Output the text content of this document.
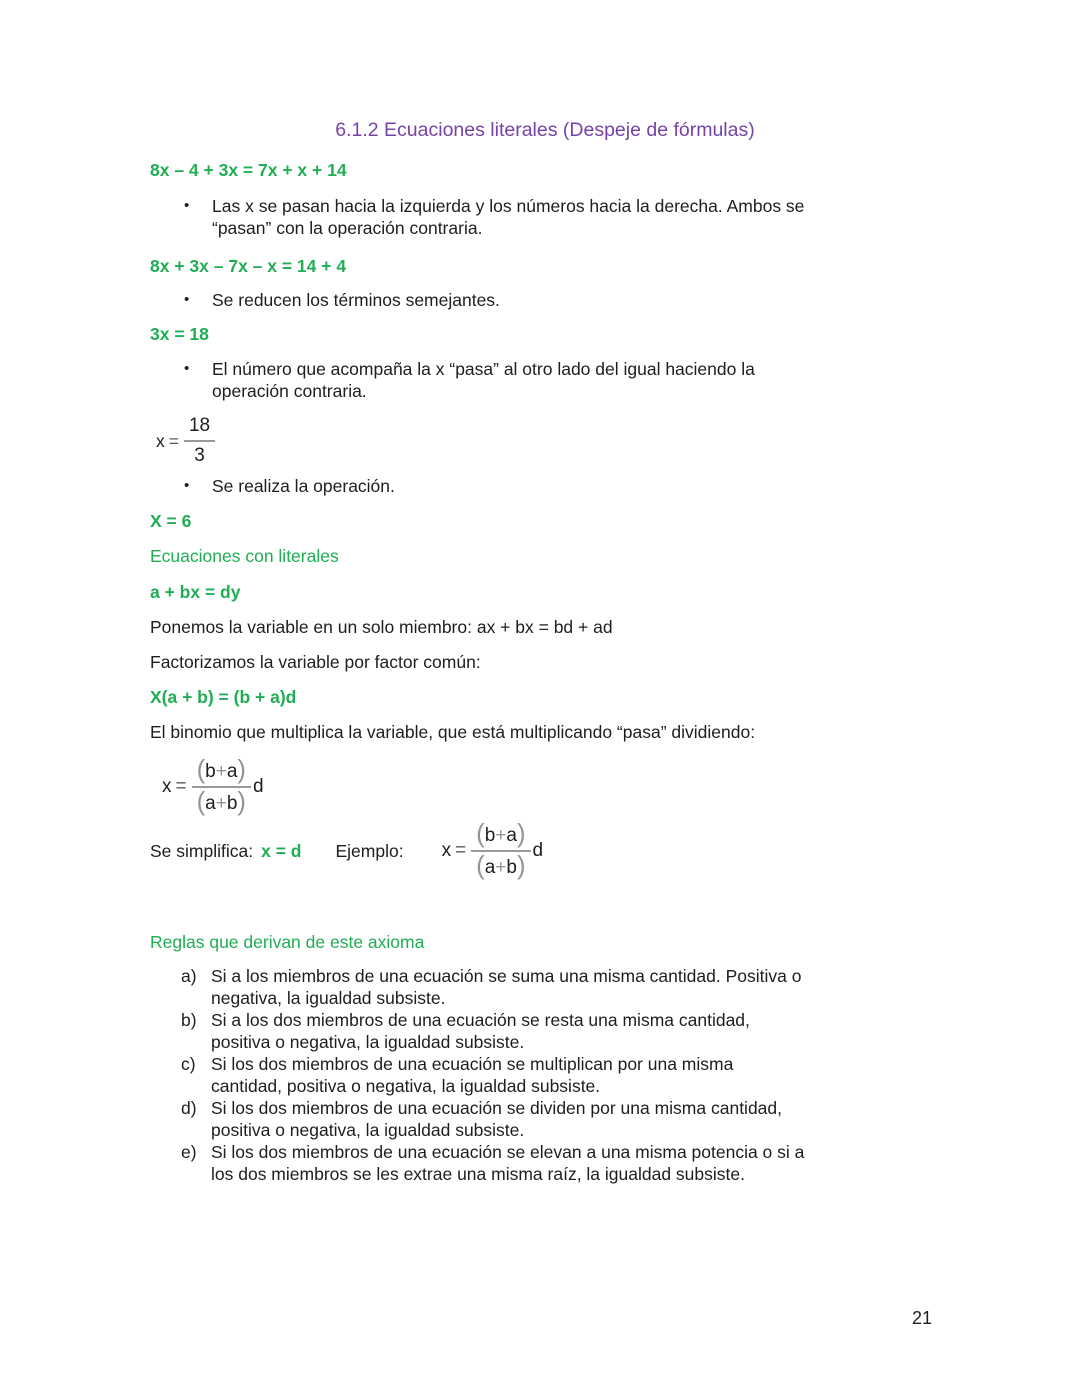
6.1.2 Ecuaciones literales (Despeje de fórmulas)
8x – 4 + 3x = 7x + x + 14
•	Las x se pasan hacia la izquierda y los números hacia la derecha. Ambos se
“pasan” con la operación contraria.
8x + 3x – 7x – x = 14 + 4
•	Se reducen los términos semejantes.
3x = 18
•	El número que acompaña la x “pasa” al otro lado del igual haciendo la
operación contraria.
$x = \frac{18}{3}$
•	Se realiza la operación.
X = 6
Ecuaciones con literales
a + bx = dy
Ponemos la variable en un solo miembro: ax + bx = bd + ad
Factorizamos la variable por factor común:
X(a + b) = (b + a)d
El binomio que multiplica la variable, que está multiplicando “pasa” dividiendo:
$x = \frac{(b+a)}{(a+b)}$ d
Se simplifica: x = d Ejemplo: $x = \frac{(b+a)}{(a+b)}$ d
Reglas que derivan de este axioma
a) Si a los miembros de una ecuación se suma una misma cantidad. Positiva o
negativa, la igualdad subsiste.
b) Si a los dos miembros de una ecuación se resta una misma cantidad,
positiva o negativa, la igualdad subsiste.
c) Si los dos miembros de una ecuación se multiplican por una misma
cantidad, positiva o negativa, la igualdad subsiste.
d) Si los dos miembros de una ecuación se dividen por una misma cantidad,
positiva o negativa, la igualdad subsiste.
e) Si los dos miembros de una ecuación se elevan a una misma potencia o si a
los dos miembros se les extrae una misma raíz, la igualdad subsiste.
21
